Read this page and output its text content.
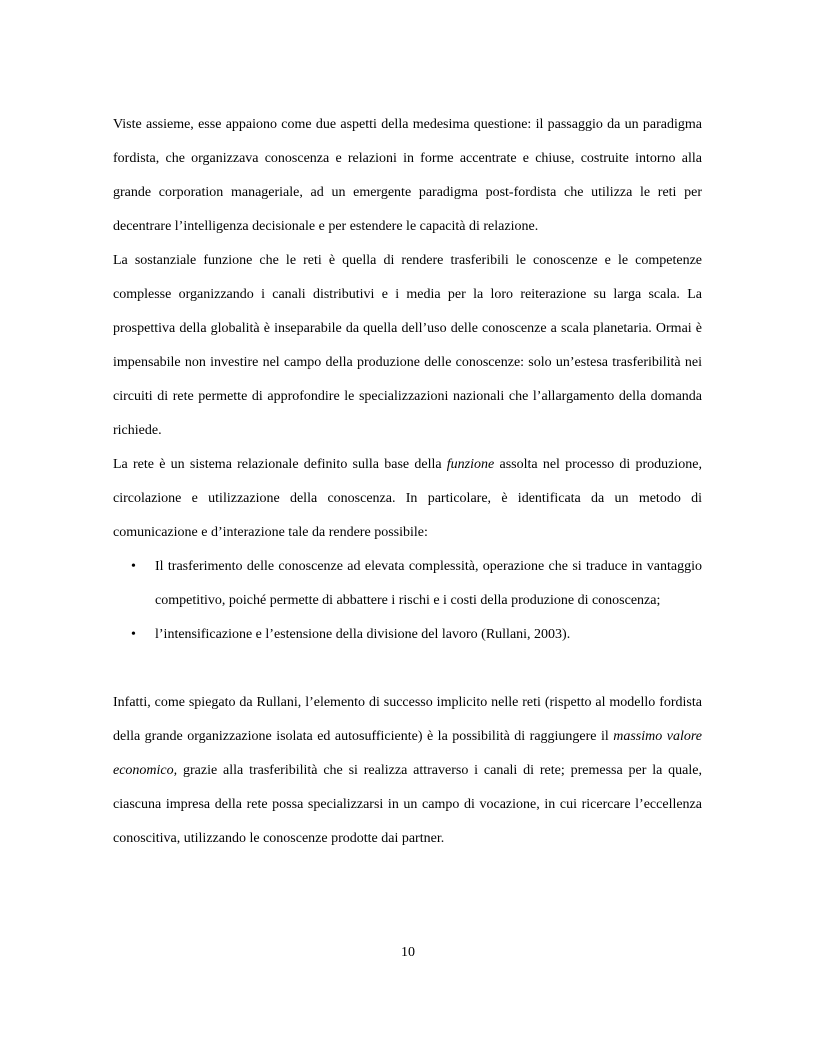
Viste assieme, esse appaiono come due aspetti della medesima questione: il passaggio da un paradigma fordista, che organizzava conoscenza e relazioni in forme accentrate e chiuse, costruite intorno alla grande corporation manageriale, ad un emergente paradigma post-fordista che utilizza le reti per decentrare l’intelligenza decisionale e per estendere le capacità di relazione.

La sostanziale funzione che le reti è quella di rendere trasferibili le conoscenze e le competenze complesse organizzando i canali distributivi e i media per la loro reiterazione su larga scala. La prospettiva della globalità è inseparabile da quella dell’uso delle conoscenze a scala planetaria. Ormai è impensabile non investire nel campo della produzione delle conoscenze: solo un’estesa trasferibilità nei circuiti di rete permette di approfondire le specializzazioni nazionali che l’allargamento della domanda richiede.

La rete è un sistema relazionale definito sulla base della funzione assolta nel processo di produzione, circolazione e utilizzazione della conoscenza. In particolare, è identificata da un metodo di comunicazione e d’interazione tale da rendere possibile:

• Il trasferimento delle conoscenze ad elevata complessità, operazione che si traduce in vantaggio competitivo, poiché permette di abbattere i rischi e i costi della produzione di conoscenza;
• l’intensificazione e l’estensione della divisione del lavoro (Rullani, 2003).

Infatti, come spiegato da Rullani, l’elemento di successo implicito nelle reti (rispetto al modello fordista della grande organizzazione isolata ed autosufficiente) è la possibilità di raggiungere il massimo valore economico, grazie alla trasferibilità che si realizza attraverso i canali di rete; premessa per la quale, ciascuna impresa della rete possa specializzarsi in un campo di vocazione, in cui ricercare l’eccellenza conoscitiva, utilizzando le conoscenze prodotte dai partner.

10
